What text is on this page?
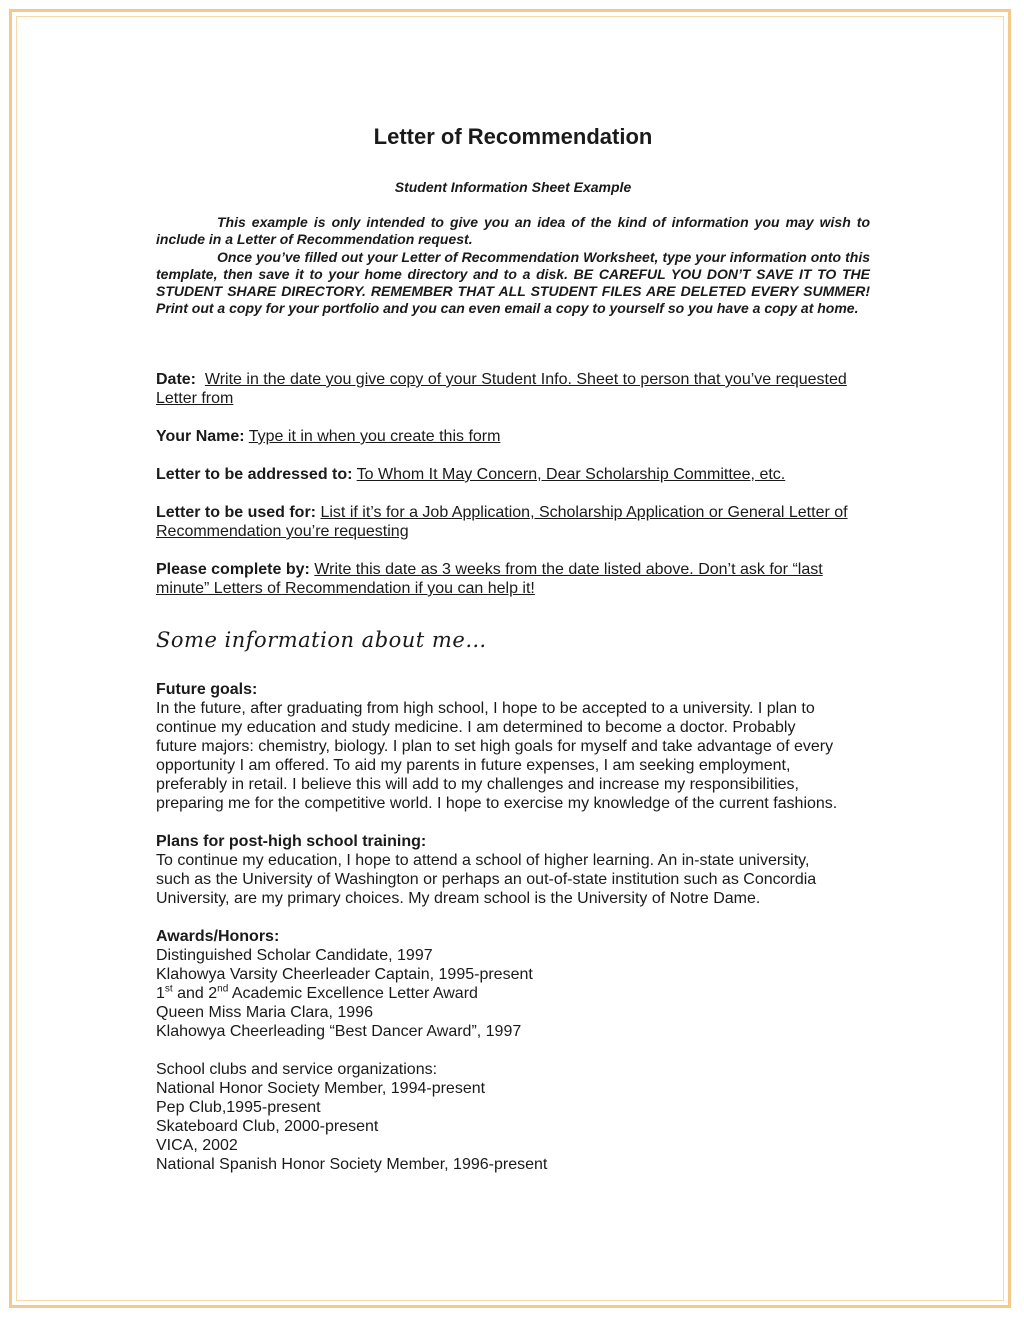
Letter of Recommendation
Student Information Sheet Example

This example is only intended to give you an idea of the kind of information you may wish to include in a Letter of Recommendation request.

Once you’ve filled out your Letter of Recommendation Worksheet, type your information onto this template, then save it to your home directory and to a disk. BE CAREFUL YOU DON’T SAVE IT TO THE STUDENT SHARE DIRECTORY. REMEMBER THAT ALL STUDENT FILES ARE DELETED EVERY SUMMER! Print out a copy for your portfolio and you can even email a copy to yourself so you have a copy at home.

Date: Write in the date you give copy of your Student Info. Sheet to person that you’ve requested Letter from
Your Name: Type it in when you create this form
Letter to be addressed to: To Whom It May Concern, Dear Scholarship Committee, etc.
Letter to be used for: List if it’s for a Job Application, Scholarship Application or General Letter of Recommendation you’re requesting
Please complete by: Write this date as 3 weeks from the date listed above. Don’t ask for “last minute” Letters of Recommendation if you can help it!
Some information about me…
Future goals:
In the future, after graduating from high school, I hope to be accepted to a university. I plan to
continue my education and study medicine. I am determined to become a doctor. Probably
future majors: chemistry, biology. I plan to set high goals for myself and take advantage of every
opportunity I am offered. To aid my parents in future expenses, I am seeking employment,
preferably in retail. I believe this will add to my challenges and increase my responsibilities,
preparing me for the competitive world. I hope to exercise my knowledge of the current fashions.
Plans for post-high school training:
To continue my education, I hope to attend a school of higher learning. An in-state university,
such as the University of Washington or perhaps an out-of-state institution such as Concordia
University, are my primary choices. My dream school is the University of Notre Dame.
Awards/Honors:
Distinguished Scholar Candidate, 1997
Klahowya Varsity Cheerleader Captain, 1995-present
1st and 2nd Academic Excellence Letter Award
Queen Miss Maria Clara, 1996
Klahowya Cheerleading “Best Dancer Award”, 1997
School clubs and service organizations:
National Honor Society Member, 1994-present
Pep Club,1995-present
Skateboard Club, 2000-present
VICA, 2002
National Spanish Honor Society Member, 1996-present
